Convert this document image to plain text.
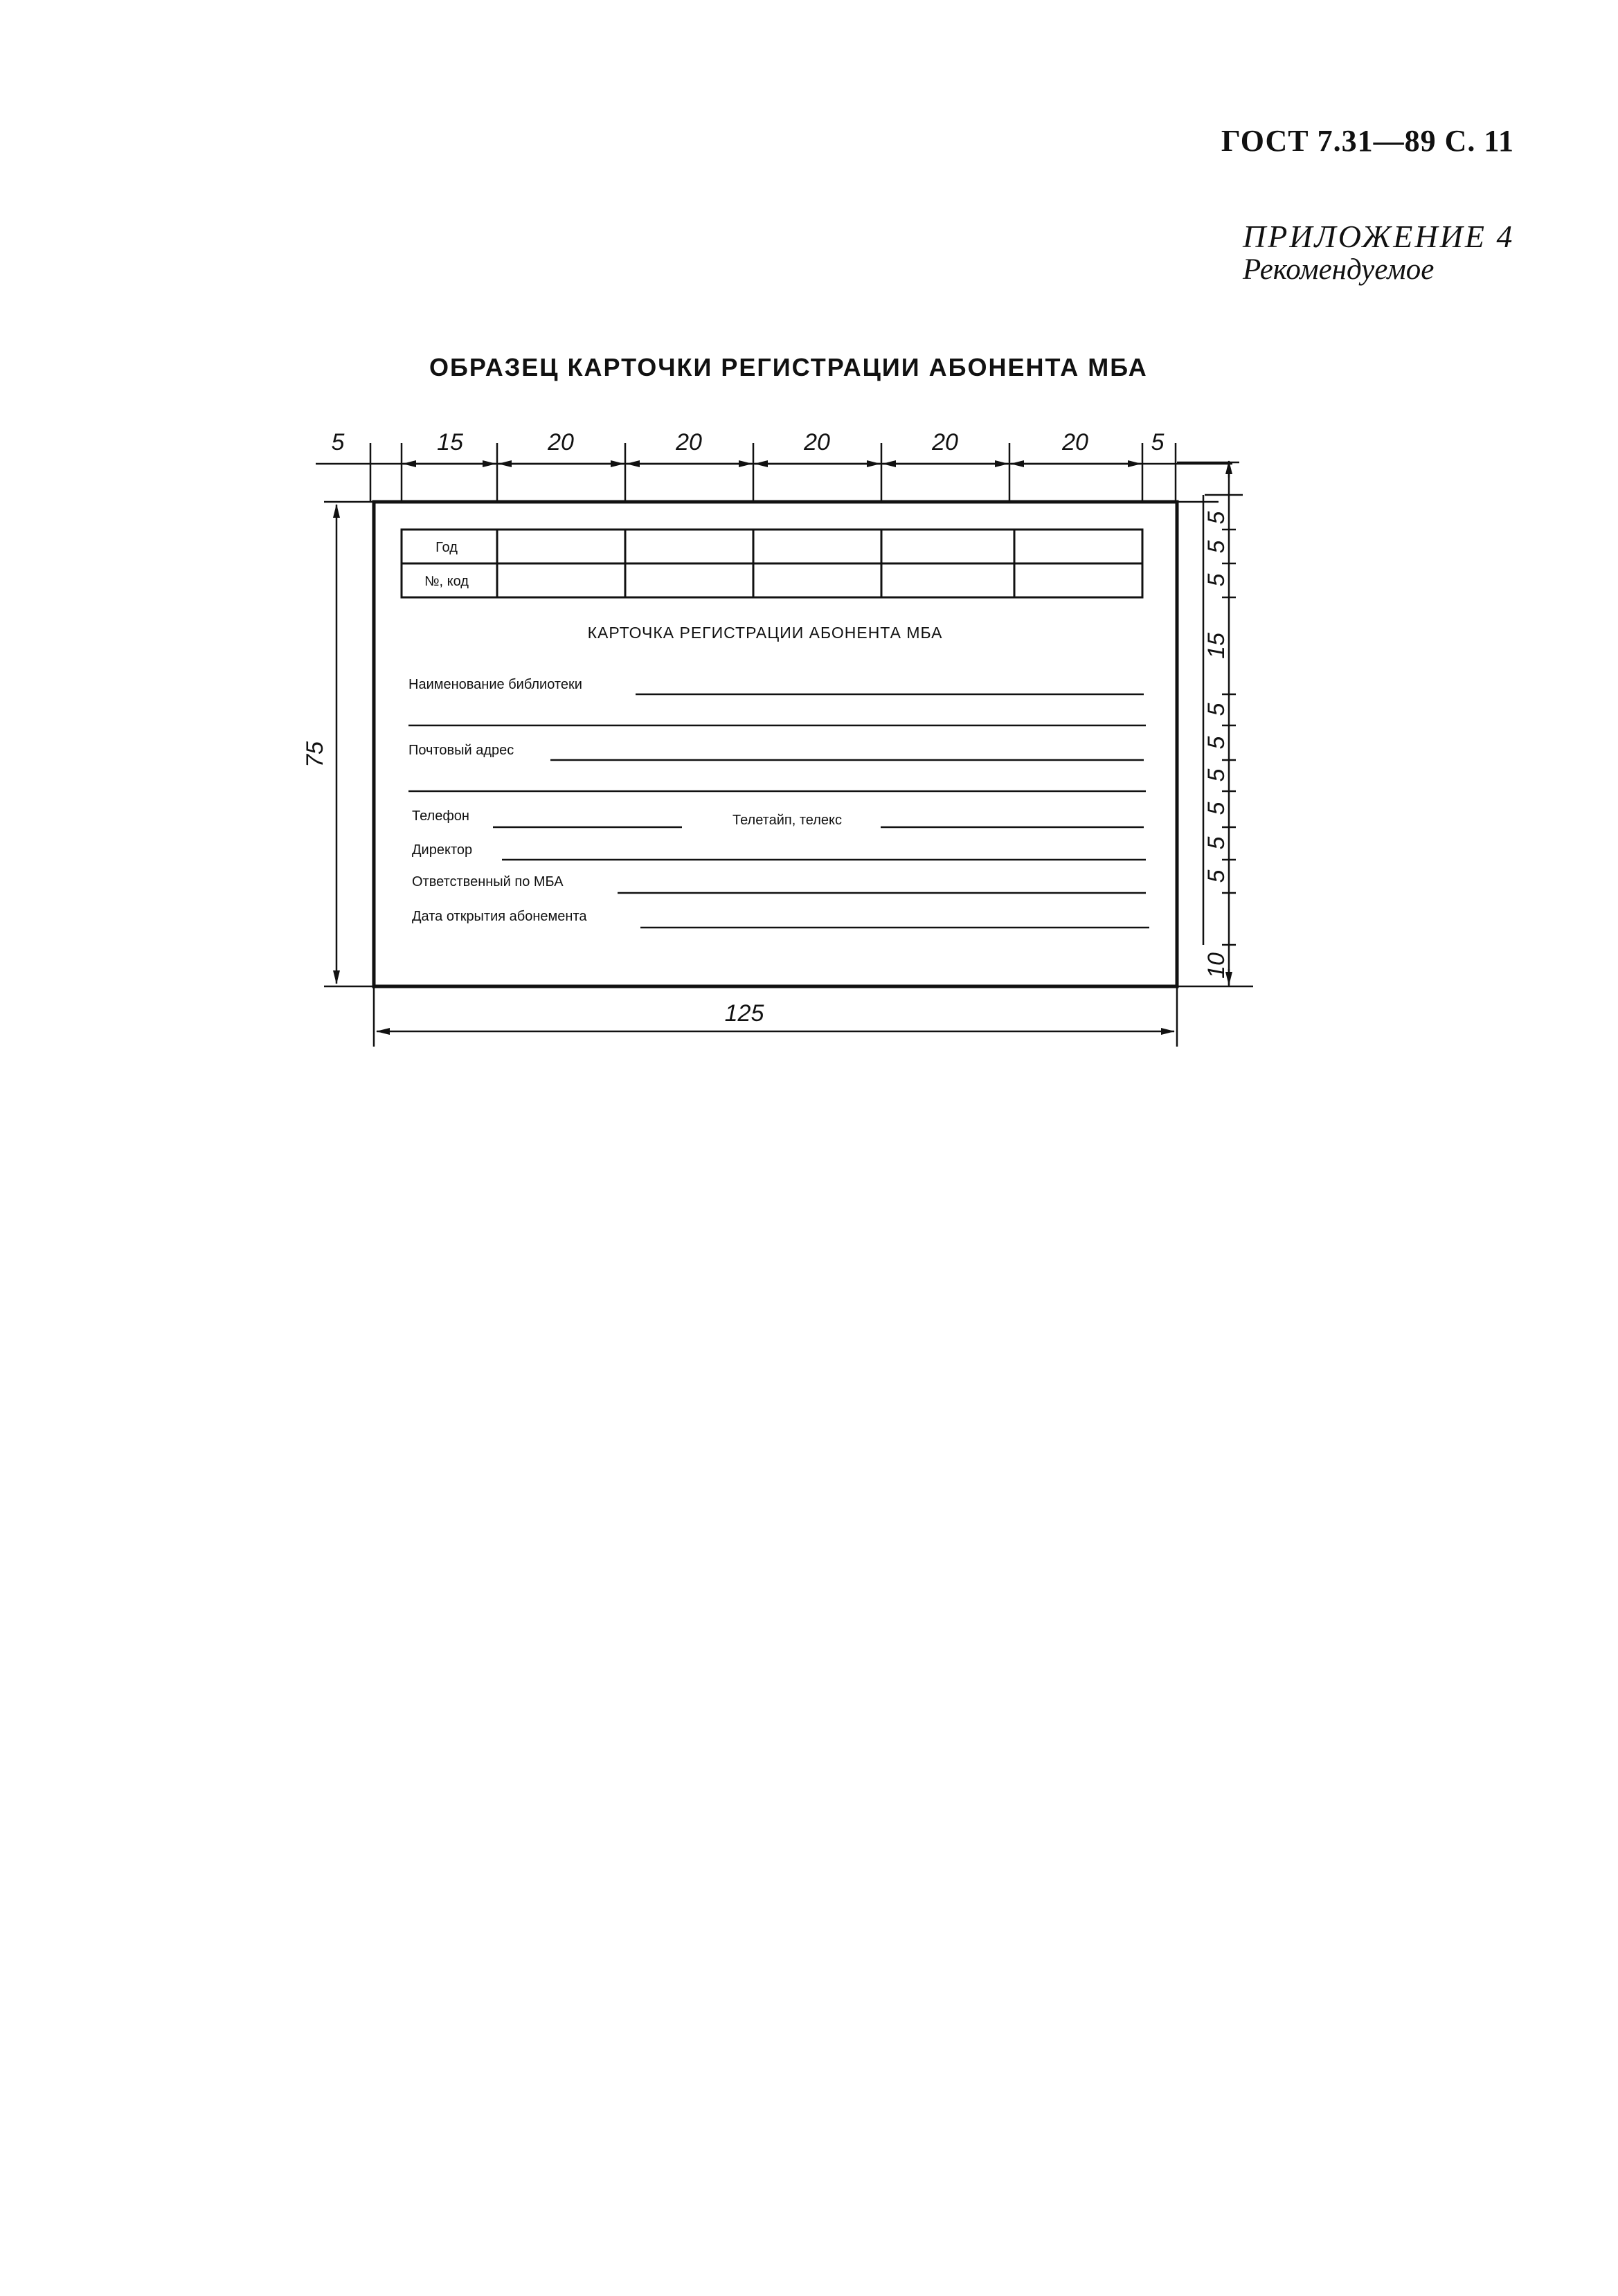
ГОСТ 7.31—89 С. 11
ПРИЛОЖЕНИЕ 4
Рекомендуемое
ОБРАЗЕЦ КАРТОЧКИ РЕГИСТРАЦИИ АБОНЕНТА МБА
5	15	20	20	20	20	20	5
Год
№, код
КАРТОЧКА РЕГИСТРАЦИИ АБОНЕНТА МБА
Наименование библиотеки
Почтовый адрес
Телефон	Телетайп, телекс
Директор
Ответственный по МБА
Дата открытия абонемента
75
125
5
5
5
15
5
5
5
5
5
5
10
